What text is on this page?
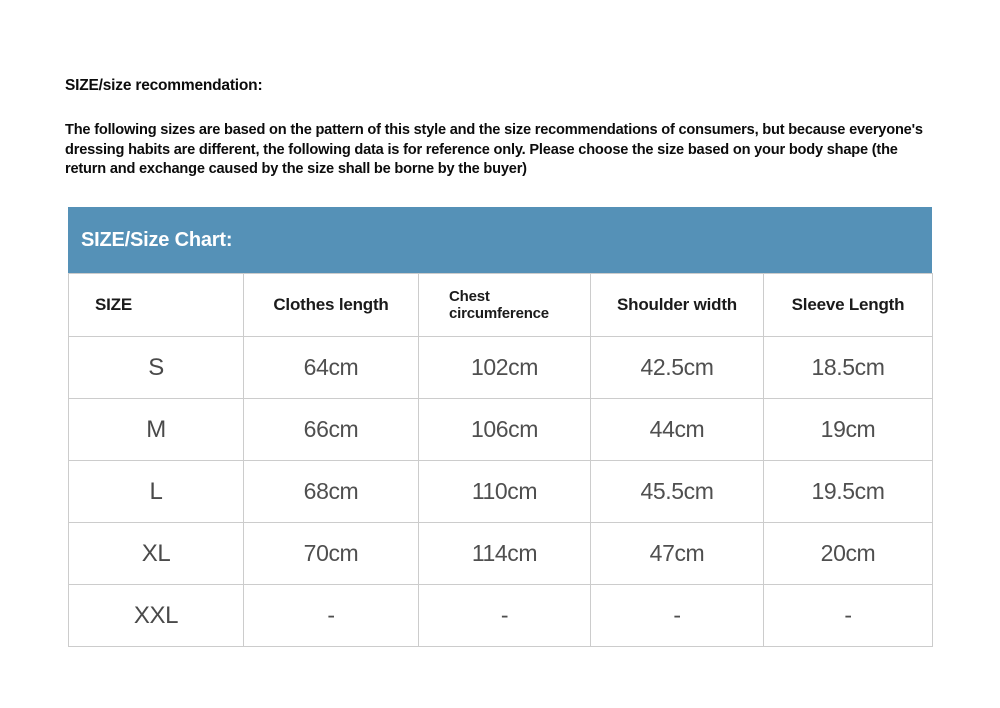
SIZE/size recommendation:
The following sizes are based on the pattern of this style and the size recommendations of consumers, but because everyone's dressing habits are different, the following data is for reference only. Please choose the size based on your body shape (the return and exchange caused by the size shall be borne by the buyer)
SIZE/Size Chart:
SIZE	Clothes length	Chest circumference	Shoulder width	Sleeve Length
S	64cm	102cm	42.5cm	18.5cm
M	66cm	106cm	44cm	19cm
L	68cm	110cm	45.5cm	19.5cm
XL	70cm	114cm	47cm	20cm
XXL	-	-	-	-
